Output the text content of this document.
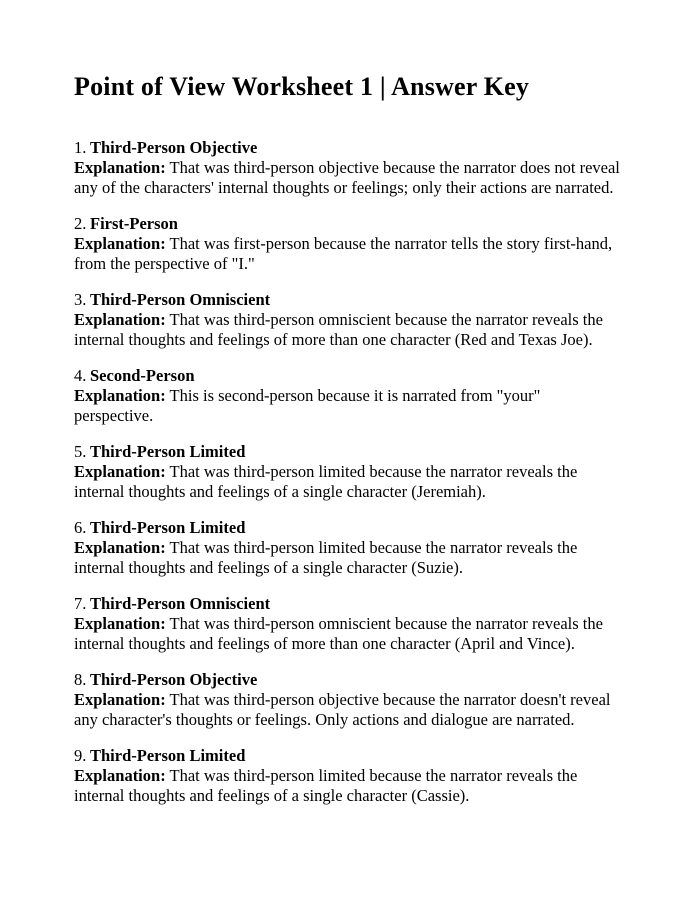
Point of View Worksheet 1 | Answer Key
1. Third-Person Objective

Explanation: That was third-person objective because the narrator does not reveal any of the characters' internal thoughts or feelings; only their actions are narrated.

2. First-Person

Explanation: That was first-person because the narrator tells the story first-hand, from the perspective of "I."

3. Third-Person Omniscient

Explanation: That was third-person omniscient because the narrator reveals the internal thoughts and feelings of more than one character (Red and Texas Joe).

4. Second-Person

Explanation: This is second-person because it is narrated from "your" perspective.

5. Third-Person Limited

Explanation: That was third-person limited because the narrator reveals the internal thoughts and feelings of a single character (Jeremiah).

6. Third-Person Limited

Explanation: That was third-person limited because the narrator reveals the internal thoughts and feelings of a single character (Suzie).

7. Third-Person Omniscient

Explanation: That was third-person omniscient because the narrator reveals the internal thoughts and feelings of more than one character (April and Vince).

8. Third-Person Objective

Explanation: That was third-person objective because the narrator doesn't reveal any character's thoughts or feelings. Only actions and dialogue are narrated.

9. Third-Person Limited

Explanation: That was third-person limited because the narrator reveals the internal thoughts and feelings of a single character (Cassie).
